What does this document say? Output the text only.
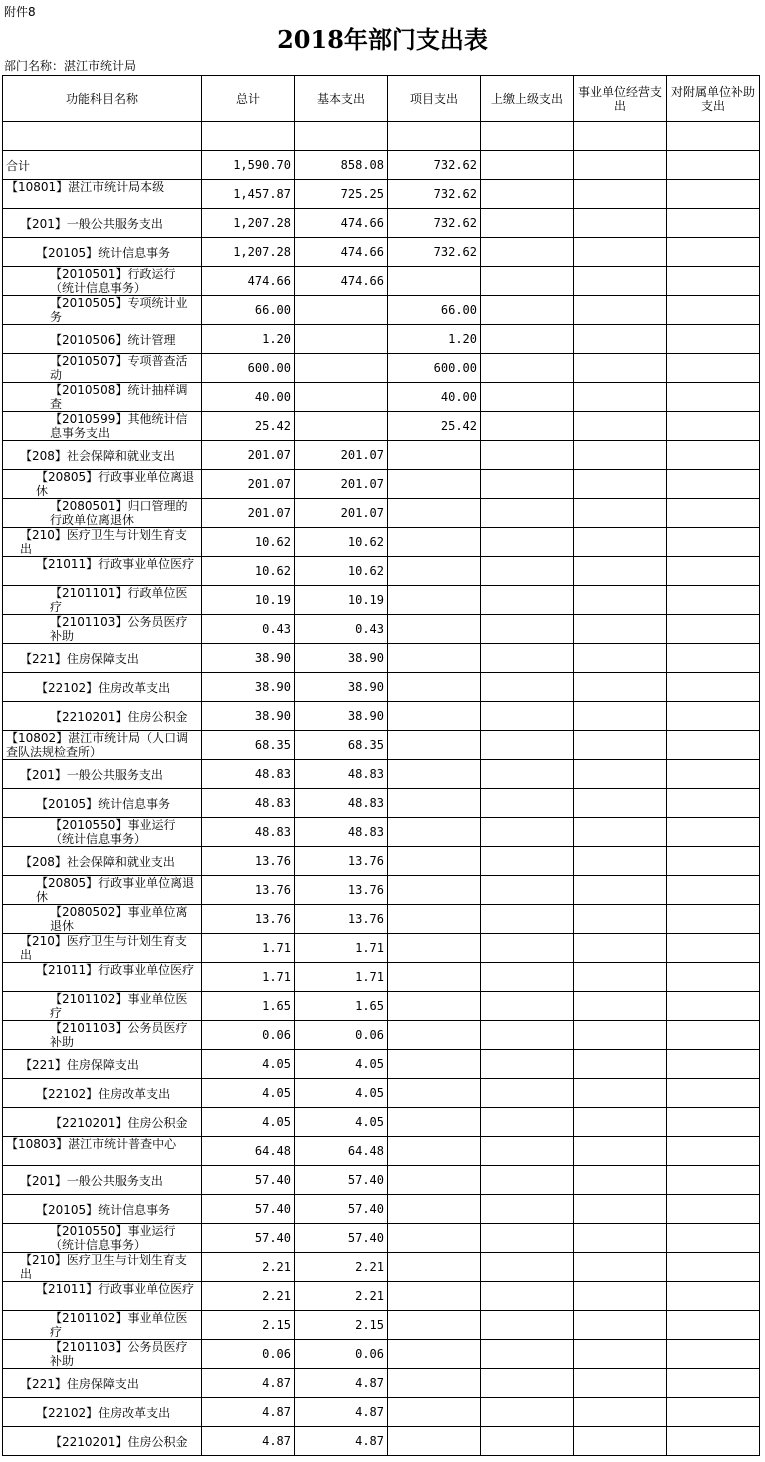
附件8
2018年部门支出表
部门名称：湛江市统计局
功能科目名称	总计	基本支出	项目支出	上缴上级支出	事业单位经营支出	对附属单位补助支出

合计	1,590.70	858.08	732.62			
【10801】湛江市统计局本级	1,457.87	725.25	732.62			
【201】一般公共服务支出	1,207.28	474.66	732.62			
【20105】统计信息事务	1,207.28	474.66	732.62			
【2010501】行政运行（统计信息事务）	474.66	474.66				
【2010505】专项统计业务	66.00		66.00			
【2010506】统计管理	1.20		1.20			
【2010507】专项普查活动	600.00		600.00			
【2010508】统计抽样调查	40.00		40.00			
【2010599】其他统计信息事务支出	25.42		25.42			
【208】社会保障和就业支出	201.07	201.07				
【20805】行政事业单位离退休	201.07	201.07				
【2080501】归口管理的行政单位离退休	201.07	201.07				
【210】医疗卫生与计划生育支出	10.62	10.62				
【21011】行政事业单位医疗	10.62	10.62				
【2101101】行政单位医疗	10.19	10.19				
【2101103】公务员医疗补助	0.43	0.43				
【221】住房保障支出	38.90	38.90				
【22102】住房改革支出	38.90	38.90				
【2210201】住房公积金	38.90	38.90				
【10802】湛江市统计局（人口调查队法规检查所）	68.35	68.35				
【201】一般公共服务支出	48.83	48.83				
【20105】统计信息事务	48.83	48.83				
【2010550】事业运行（统计信息事务）	48.83	48.83				
【208】社会保障和就业支出	13.76	13.76				
【20805】行政事业单位离退休	13.76	13.76				
【2080502】事业单位离退休	13.76	13.76				
【210】医疗卫生与计划生育支出	1.71	1.71				
【21011】行政事业单位医疗	1.71	1.71				
【2101102】事业单位医疗	1.65	1.65				
【2101103】公务员医疗补助	0.06	0.06				
【221】住房保障支出	4.05	4.05				
【22102】住房改革支出	4.05	4.05				
【2210201】住房公积金	4.05	4.05				
【10803】湛江市统计普查中心	64.48	64.48				
【201】一般公共服务支出	57.40	57.40				
【20105】统计信息事务	57.40	57.40				
【2010550】事业运行（统计信息事务）	57.40	57.40				
【210】医疗卫生与计划生育支出	2.21	2.21				
【21011】行政事业单位医疗	2.21	2.21				
【2101102】事业单位医疗	2.15	2.15				
【2101103】公务员医疗补助	0.06	0.06				
【221】住房保障支出	4.87	4.87				
【22102】住房改革支出	4.87	4.87				
【2210201】住房公积金	4.87	4.87				
